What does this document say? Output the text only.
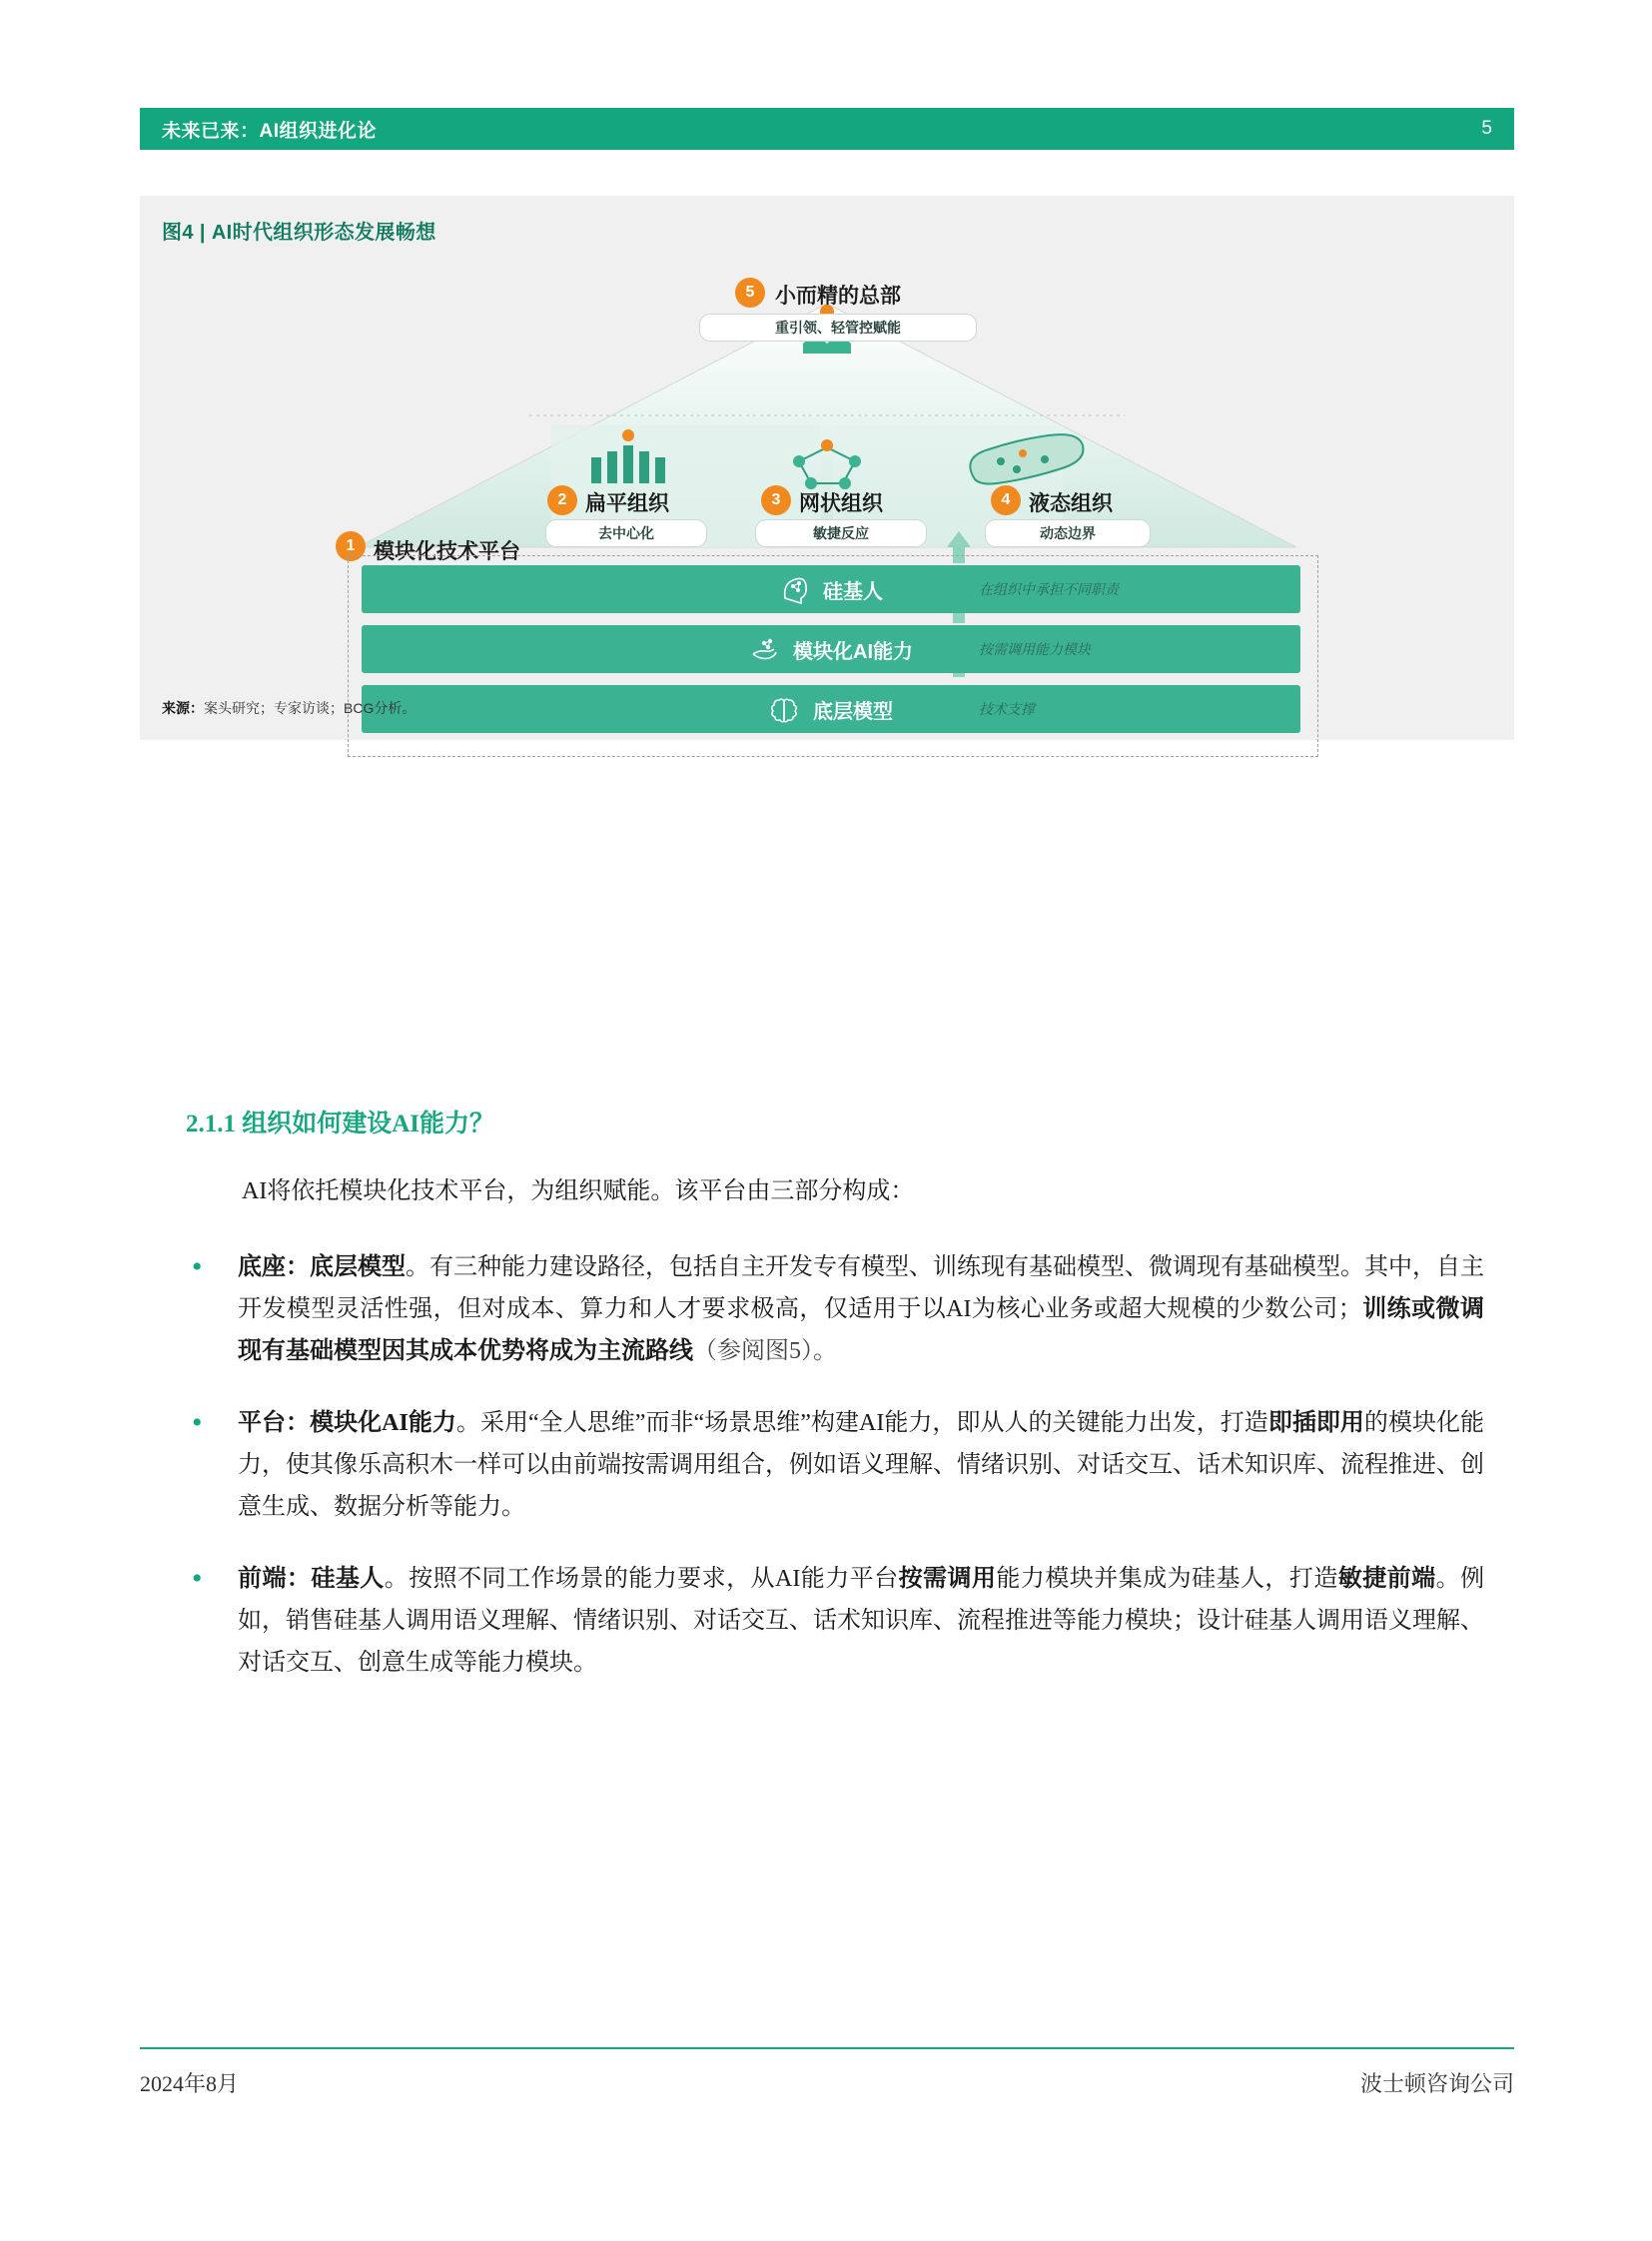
未来已来：AI组织进化论	5
图4 | AI时代组织形态发展畅想
5 小而精的总部
重引领、轻管控赋能
2 扁平组织
去中心化
3 网状组织
敏捷反应
4 液态组织
动态边界
1 模块化技术平台
硅基人	在组织中承担不同职责
模块化AI能力	按需调用能力模块
底层模型	技术支撑
来源：案头研究；专家访谈；BCG分析。
2.1.1 组织如何建设AI能力？

AI将依托模块化技术平台，为组织赋能。该平台由三部分构成：

•	底座：底层模型。有三种能力建设路径，包括自主开发专有模型、训练现有基础模型、微调现有基础模型。其中，自主开发模型灵活性强，但对成本、算力和人才要求极高，仅适用于以AI为核心业务或超大规模的少数公司；训练或微调现有基础模型因其成本优势将成为主流路线（参阅图5）。
•	平台：模块化AI能力。采用“全人思维”而非“场景思维”构建AI能力，即从人的关键能力出发，打造即插即用的模块化能力，使其像乐高积木一样可以由前端按需调用组合，例如语义理解、情绪识别、对话交互、话术知识库、流程推进、创意生成、数据分析等能力。
•	前端：硅基人。按照不同工作场景的能力要求，从AI能力平台按需调用能力模块并集成为硅基人，打造敏捷前端。例如，销售硅基人调用语义理解、情绪识别、对话交互、话术知识库、流程推进等能力模块；设计硅基人调用语义理解、对话交互、创意生成等能力模块。
2024年8月	波士顿咨询公司
